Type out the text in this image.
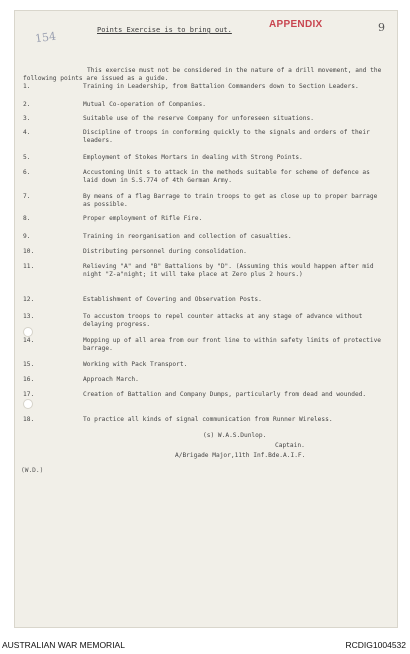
154
9
APPENDIX
Points Exercise is to bring out.
This exercise must not be considered in the nature of a drill movement, and the following points are issued as a guide.
1.	Training in Leadership, from Battalion Commanders down to Section Leaders.
2.	Mutual Co-operation of Companies.
3.	Suitable use of the reserve Company for unforeseen situations.
4.	Discipline of troops in conforming quickly to the signals and orders of their leaders.
5.	Employment of Stokes Mortars in dealing with Strong Points.
6.	Accustoming Unit s to attack in the methods suitable for scheme of defence as laid down in S.S.774 of 4th German Army.
7.	By means of a flag Barrage to train troops to get as close up to proper barrage as possible.
8.	Proper employment of Rifle Fire.
9.	Training in reorganisation and collection of casualties.
10.	Distributing personnel during consolidation.
11.	Relieving "A" and "B" Battalions by "D". (Assuming this would happen after mid night "Z-a"night; it will take place at Zero plus 2 hours.)
12.	Establishment of Covering and Observation Posts.
13.	To accustom troops to repel counter attacks at any stage of advance without delaying progress.
14.	Mopping up of all area from our front line to within safety limits of protective barrage.
15.	Working with Pack Transport.
16.	Approach March.
17.	Creation of Battalion and Company Dumps, particularly from dead and wounded.
18.	To practice all kinds of signal communication from Runner Wireless.
(s) W.A.S.Dunlop.
Captain.
A/Brigade Major,11th Inf.Bde.A.I.F.
(W.D.)
AUSTRALIAN WAR MEMORIAL	RCDIG1004532
